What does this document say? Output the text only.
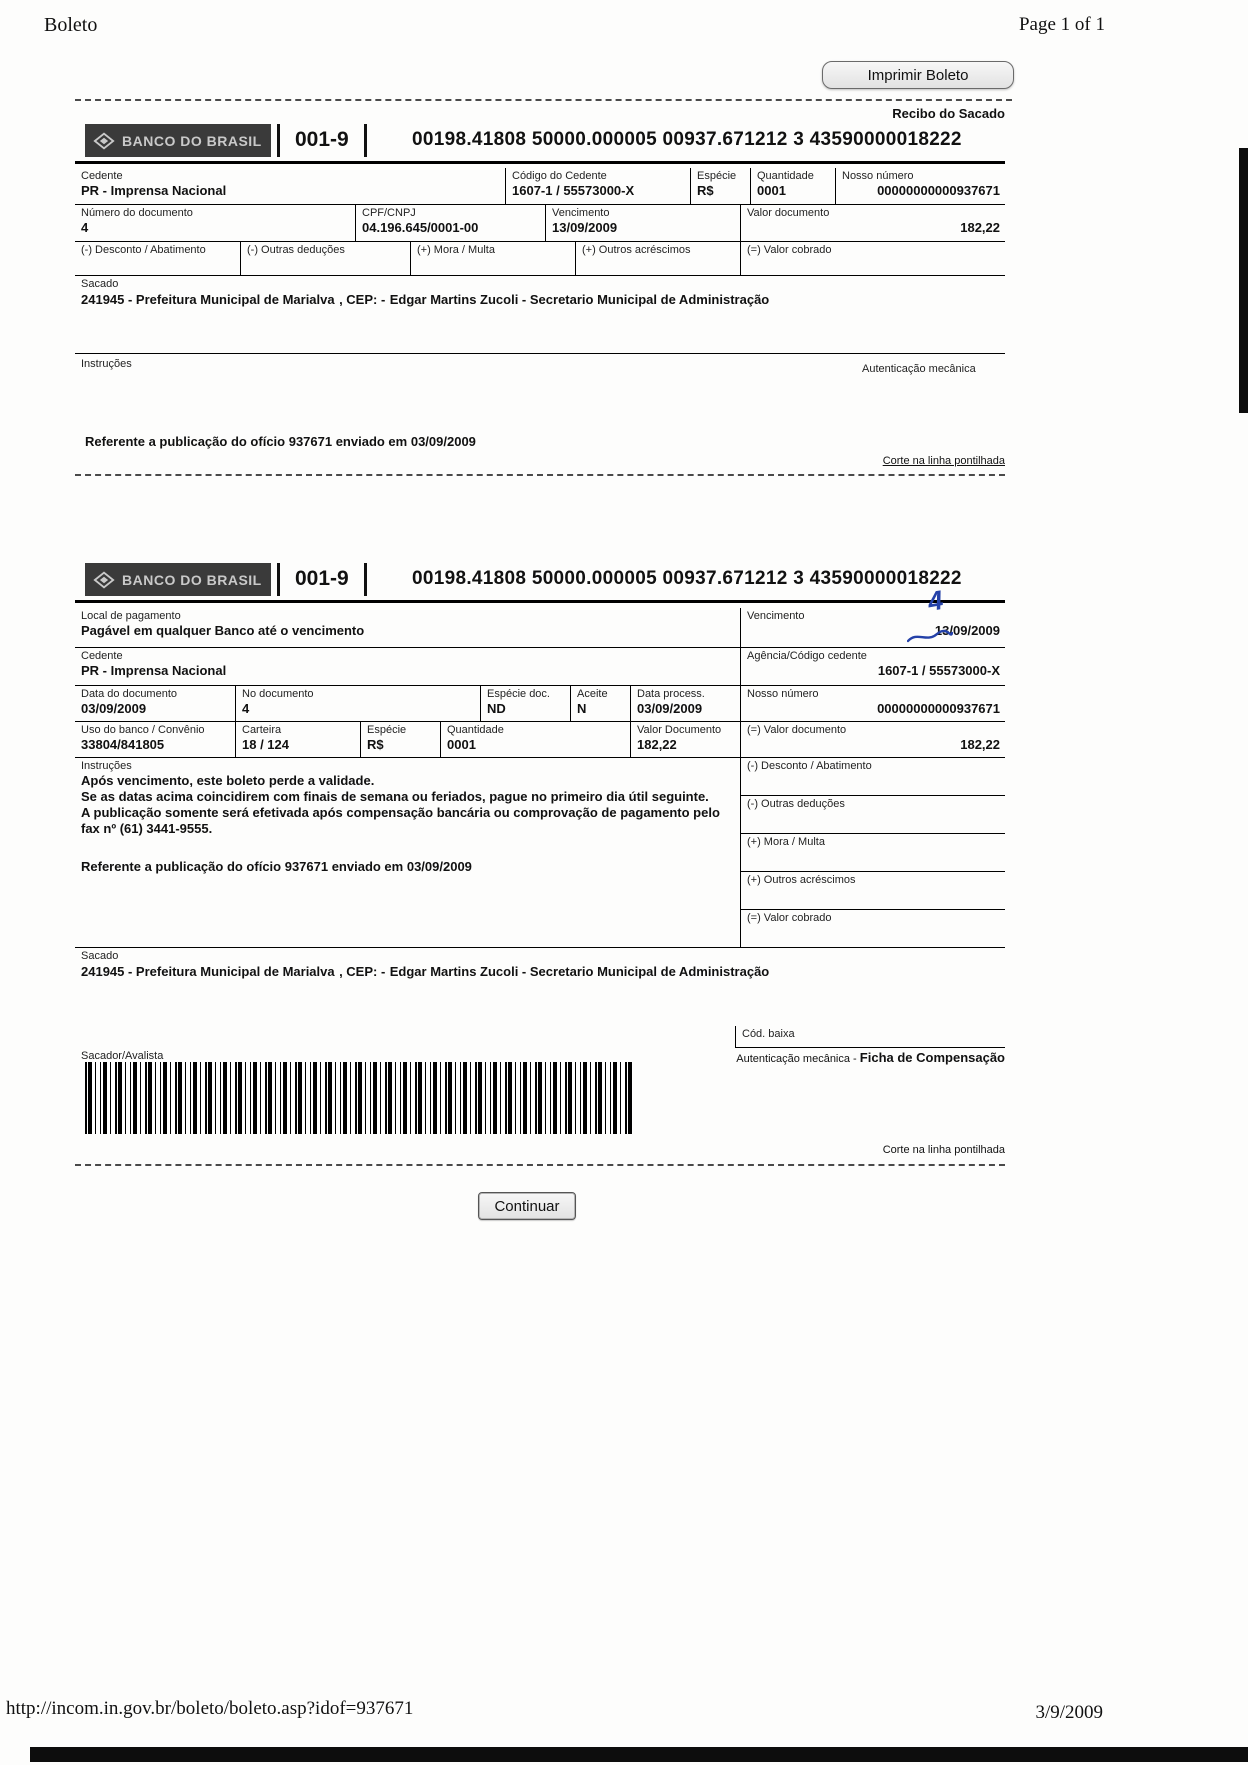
Boleto	Page 1 of 1
Imprimir Boleto
Recibo do Sacado
BANCO DO BRASIL	001-9	00198.41808 50000.000005 00937.671212 3 43590000018222
Cedente
PR - Imprensa Nacional
Código do Cedente
1607-1 / 55573000-X
Espécie
R$
Quantidade
0001
Nosso número
00000000000937671
Número do documento
4
CPF/CNPJ
04.196.645/0001-00
Vencimento
13/09/2009
Valor documento
182,22
(-) Desconto / Abatimento	(-) Outras deduções	(+) Mora / Multa	(+) Outros acréscimos	(=) Valor cobrado
Sacado
241945 - Prefeitura Municipal de Marialva , CEP: - Edgar Martins Zucoli - Secretario Municipal de Administração
Instruções	Autenticação mecânica
Referente a publicação do ofício 937671 enviado em 03/09/2009
Corte na linha pontilhada
BANCO DO BRASIL	001-9	00198.41808 50000.000005 00937.671212 3 43590000018222
Local de pagamento
Pagável em qualquer Banco até o vencimento
Vencimento
13/09/2009
4
Cedente
PR - Imprensa Nacional
Agência/Código cedente
1607-1 / 55573000-X
Data do documento
03/09/2009
No documento
4
Espécie doc.
ND
Aceite
N
Data process.
03/09/2009
Nosso número
00000000000937671
Uso do banco / Convênio
33804/841805
Carteira
18 / 124
Espécie
R$
Quantidade
0001
Valor Documento
182,22
(=) Valor documento
182,22
Instruções
Após vencimento, este boleto perde a validade.
Se as datas acima coincidirem com finais de semana ou feriados, pague no primeiro dia útil seguinte.
A publicação somente será efetivada após compensação bancária ou comprovação de pagamento pelo fax nº (61) 3441-9555.
Referente a publicação do ofício 937671 enviado em 03/09/2009
(-) Desconto / Abatimento
(-) Outras deduções
(+) Mora / Multa
(+) Outros acréscimos
(=) Valor cobrado
Sacado
241945 - Prefeitura Municipal de Marialva , CEP: - Edgar Martins Zucoli - Secretario Municipal de Administração
Cód. baixa
Sacador/Avalista	Autenticação mecânica - Ficha de Compensação
Corte na linha pontilhada
Continuar
http://incom.in.gov.br/boleto/boleto.asp?idof=937671	3/9/2009
